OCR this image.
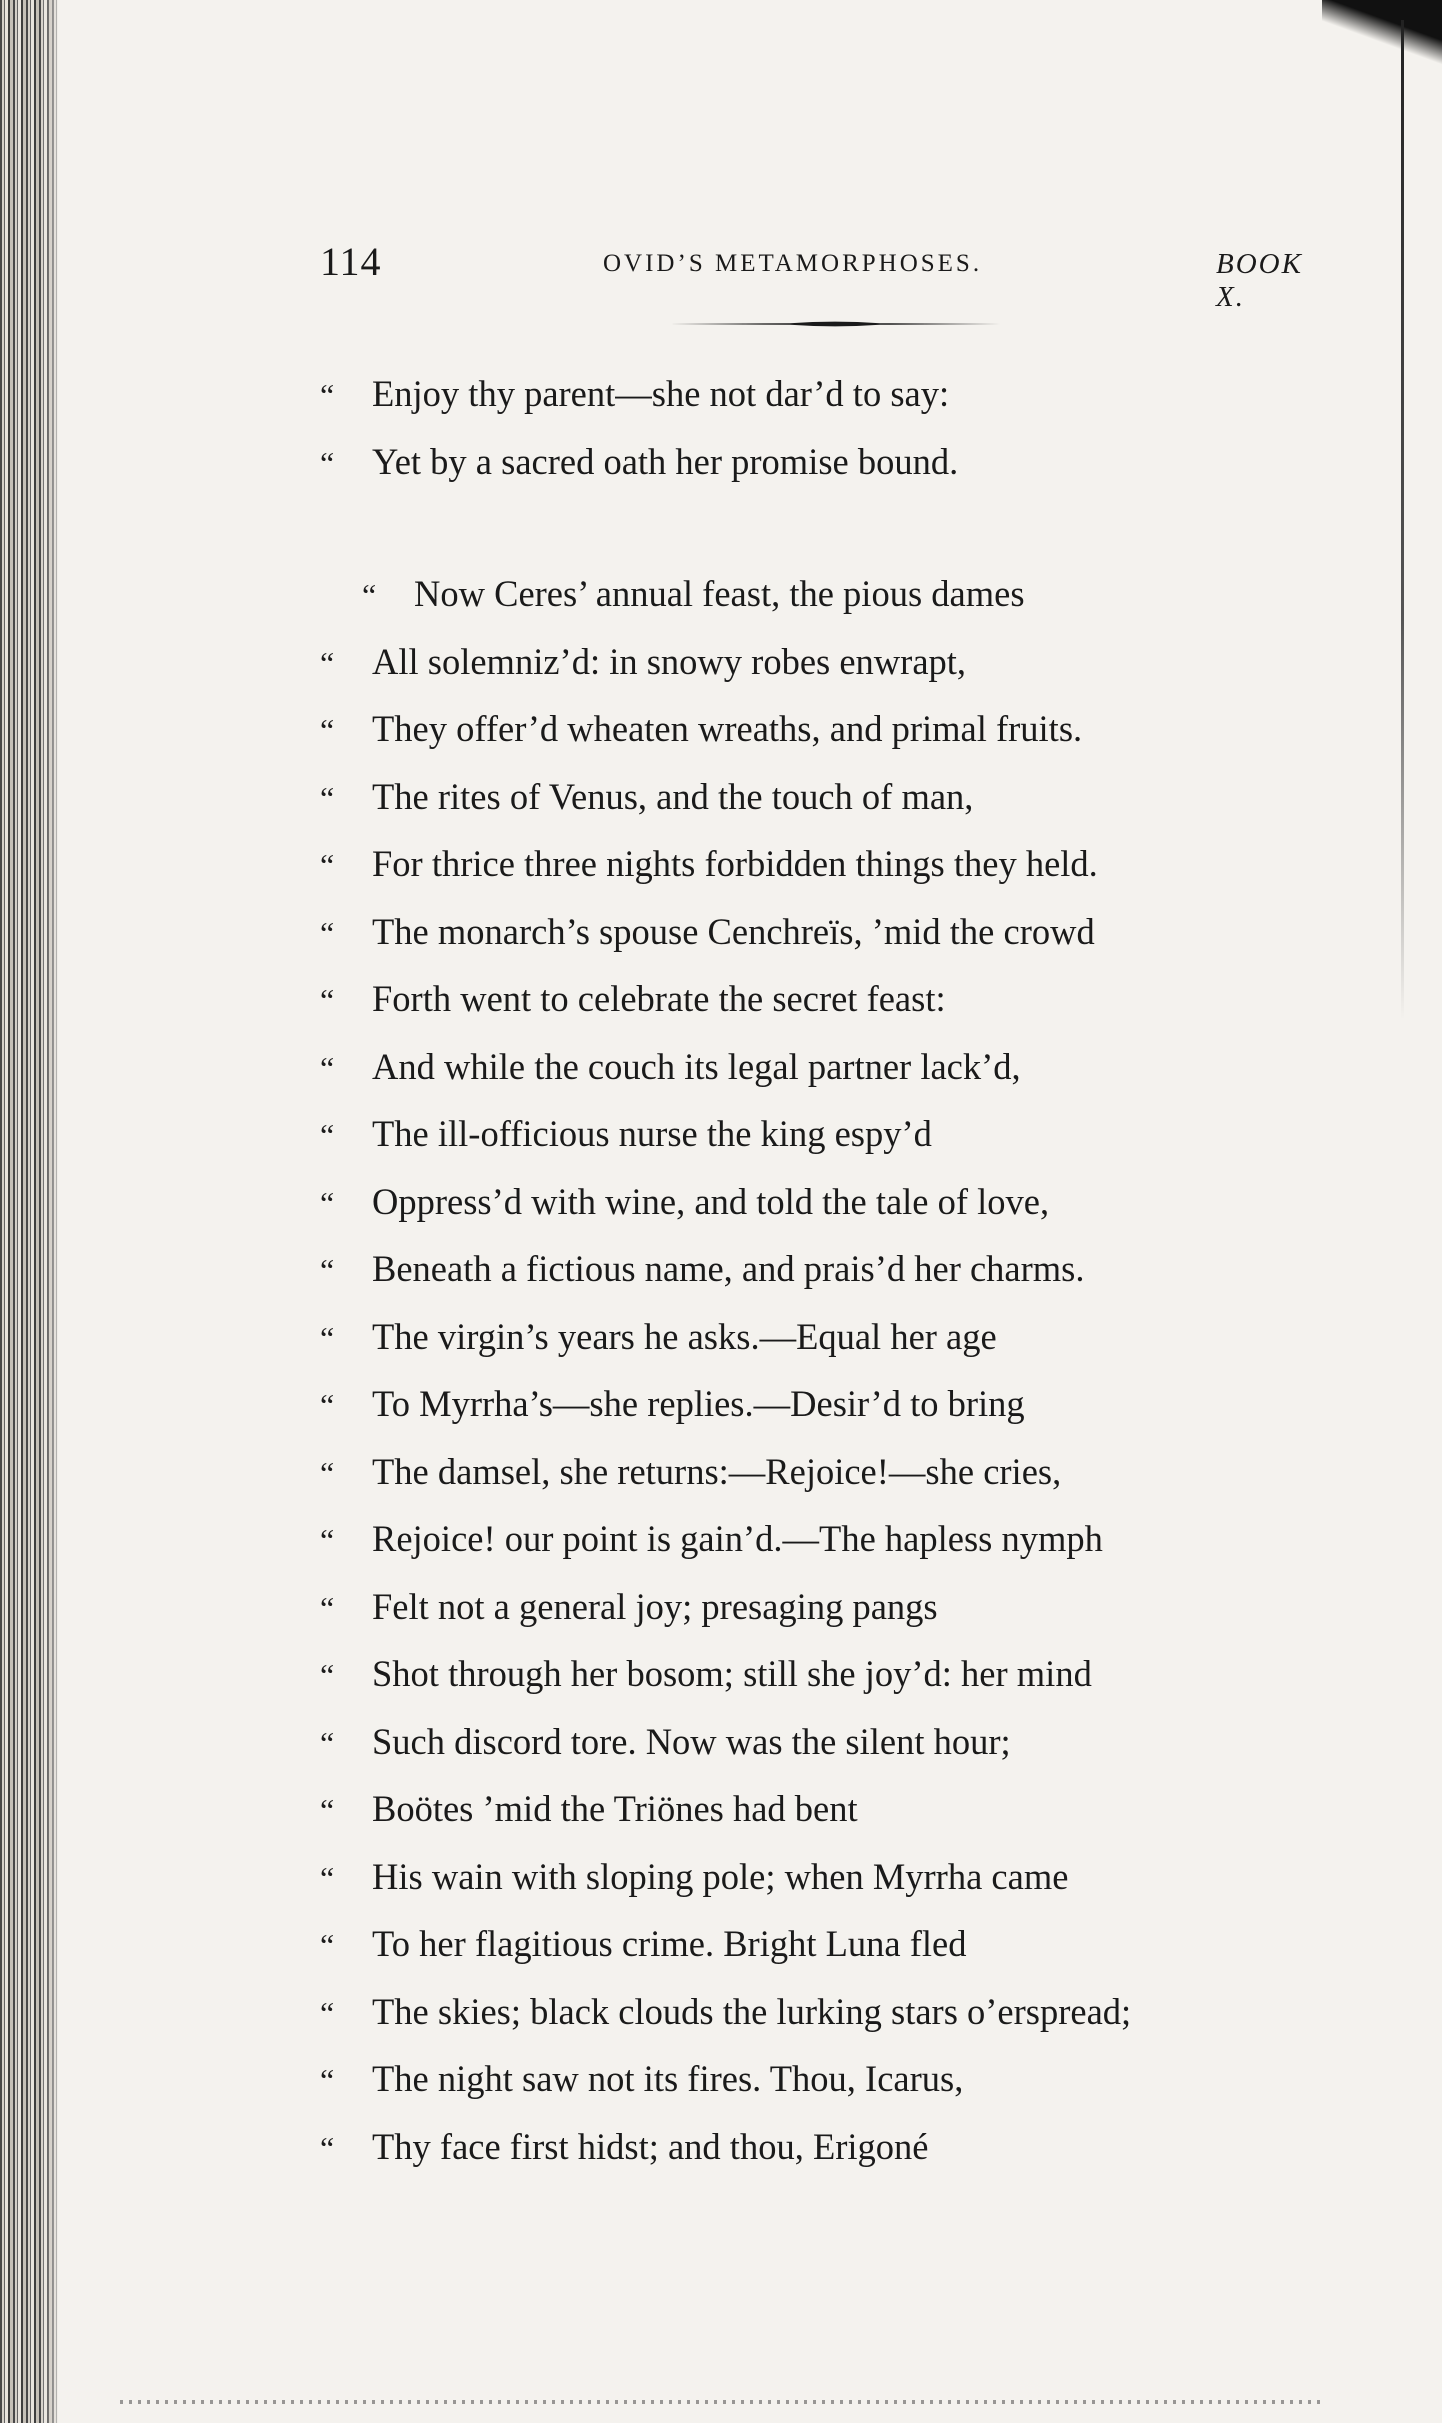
114	OVID’S METAMORPHOSES.	BOOK X.
“ Enjoy thy parent—she not dar’d to say:
“ Yet by a sacred oath her promise bound.
“ Now Ceres’ annual feast, the pious dames
“ All solemniz’d: in snowy robes enwrapt,
“ They offer’d wheaten wreaths, and primal fruits.
“ The rites of Venus, and the touch of man,
“ For thrice three nights forbidden things they held.
“ The monarch’s spouse Cenchreïs, ’mid the crowd
“ Forth went to celebrate the secret feast:
“ And while the couch its legal partner lack’d,
“ The ill-officious nurse the king espy’d
“ Oppress’d with wine, and told the tale of love,
“ Beneath a fictious name, and prais’d her charms.
“ The virgin’s years he asks.—Equal her age
“ To Myrrha’s—she replies.—Desir’d to bring
“ The damsel, she returns:—Rejoice!—she cries,
“ Rejoice! our point is gain’d.—The hapless nymph
“ Felt not a general joy; presaging pangs
“ Shot through her bosom; still she joy’d: her mind
“ Such discord tore. Now was the silent hour;
“ Boötes ’mid the Triönes had bent
“ His wain with sloping pole; when Myrrha came
“ To her flagitious crime. Bright Luna fled
“ The skies; black clouds the lurking stars o’erspread;
“ The night saw not its fires. Thou, Icarus,
“ Thy face first hidst; and thou, Erigoné
